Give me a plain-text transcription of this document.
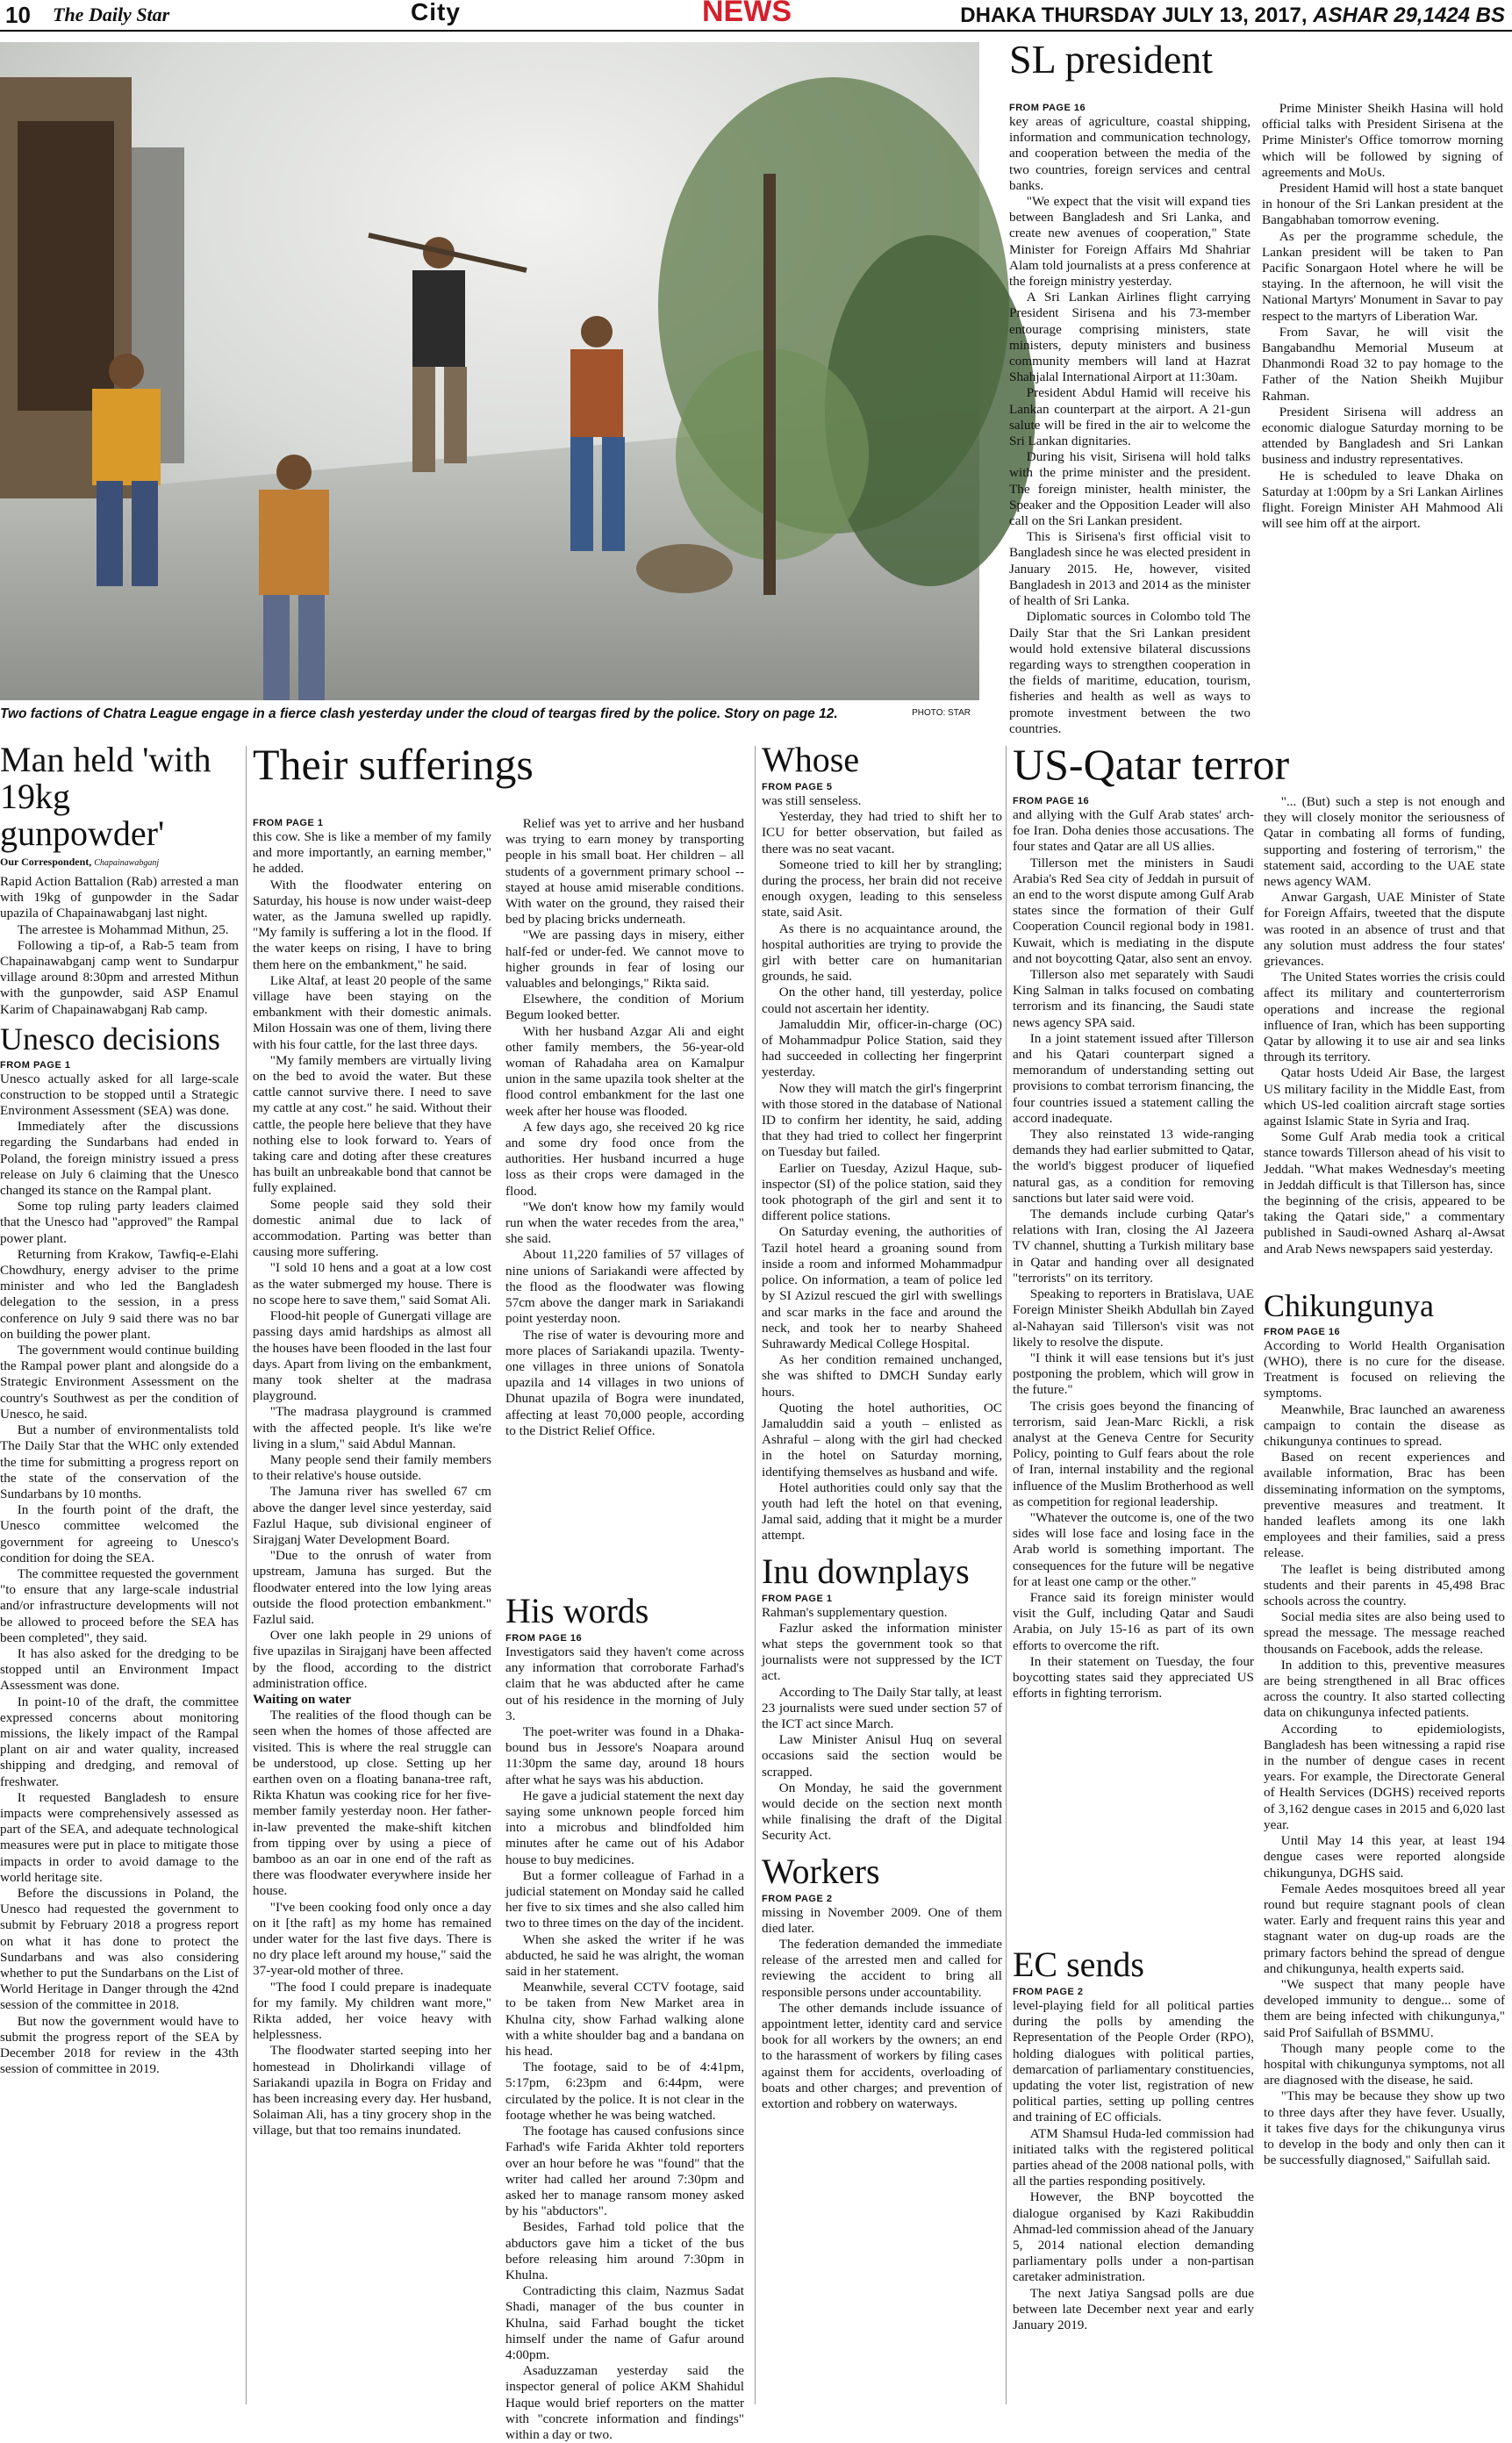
10 The Daily Star	City	NEWS	DHAKA THURSDAY JULY 13, 2017, ASHAR 29,1424 BS
Two factions of Chatra League engage in a fierce clash yesterday under the cloud of teargas fired by the police. Story on page 12.	PHOTO: STAR
SL president
FROM PAGE 16

key areas of agriculture, coastal shipping, information and communication technology, and cooperation between the media of the two countries, foreign services and central banks.

"We expect that the visit will expand ties between Bangladesh and Sri Lanka, and create new avenues of cooperation," State Minister for Foreign Affairs Md Shahriar Alam told journalists at a press conference at the foreign ministry yesterday.

A Sri Lankan Airlines flight carrying President Sirisena and his 73-member entourage comprising ministers, state ministers, deputy ministers and business community members will land at Hazrat Shahjalal International Airport at 11:30am.

President Abdul Hamid will receive his Lankan counterpart at the airport. A 21-gun salute will be fired in the air to welcome the Sri Lankan dignitaries.

During his visit, Sirisena will hold talks with the prime minister and the president. The foreign minister, health minister, the Speaker and the Opposition Leader will also call on the Sri Lankan president.

This is Sirisena's first official visit to Bangladesh since he was elected president in January 2015. He, however, visited Bangladesh in 2013 and 2014 as the minister of health of Sri Lanka.

Diplomatic sources in Colombo told The Daily Star that the Sri Lankan president would hold extensive bilateral discussions regarding ways to strengthen cooperation in the fields of maritime, education, tourism, fisheries and health as well as ways to promote investment between the two countries.

Prime Minister Sheikh Hasina will hold official talks with President Sirisena at the Prime Minister's Office tomorrow morning which will be followed by signing of agreements and MoUs.

President Hamid will host a state banquet in honour of the Sri Lankan president at the Bangabhaban tomorrow evening.

As per the programme schedule, the Lankan president will be taken to Pan Pacific Sonargaon Hotel where he will be staying. In the afternoon, he will visit the National Martyrs' Monument in Savar to pay respect to the martyrs of Liberation War.

From Savar, he will visit the Bangabandhu Memorial Museum at Dhanmondi Road 32 to pay homage to the Father of the Nation Sheikh Mujibur Rahman.

President Sirisena will address an economic dialogue Saturday morning to be attended by Bangladesh and Sri Lankan business and industry representatives.

He is scheduled to leave Dhaka on Saturday at 1:00pm by a Sri Lankan Airlines flight. Foreign Minister AH Mahmood Ali will see him off at the airport.

Man held 'with 19kg gunpowder'
Our Correspondent, Chapainawabganj

Rapid Action Battalion (Rab) arrested a man with 19kg of gunpowder in the Sadar upazila of Chapainawabganj last night.

The arrestee is Mohammad Mithun, 25.

Following a tip-of, a Rab-5 team from Chapainawabganj camp went to Sundarpur village around 8:30pm and arrested Mithun with the gunpowder, said ASP Enamul Karim of Chapainawabganj Rab camp.

Unesco decisions
FROM PAGE 1

Unesco actually asked for all large-scale construction to be stopped until a Strategic Environment Assessment (SEA) was done.

Immediately after the discussions regarding the Sundarbans had ended in Poland, the foreign ministry issued a press release on July 6 claiming that the Unesco changed its stance on the Rampal plant.

Some top ruling party leaders claimed that the Unesco had "approved" the Rampal power plant.

Returning from Krakow, Tawfiq-e-Elahi Chowdhury, energy adviser to the prime minister and who led the Bangladesh delegation to the session, in a press conference on July 9 said there was no bar on building the power plant.

The government would continue building the Rampal power plant and alongside do a Strategic Environment Assessment on the country's Southwest as per the condition of Unesco, he said.

But a number of environmentalists told The Daily Star that the WHC only extended the time for submitting a progress report on the state of the conservation of the Sundarbans by 10 months.

In the fourth point of the draft, the Unesco committee welcomed the government for agreeing to Unesco's condition for doing the SEA.

The committee requested the government "to ensure that any large-scale industrial and/or infrastructure developments will not be allowed to proceed before the SEA has been completed", they said.

It has also asked for the dredging to be stopped until an Environment Impact Assessment was done.

In point-10 of the draft, the committee expressed concerns about monitoring missions, the likely impact of the Rampal plant on air and water quality, increased shipping and dredging, and removal of freshwater.

It requested Bangladesh to ensure impacts were comprehensively assessed as part of the SEA, and adequate technological measures were put in place to mitigate those impacts in order to avoid damage to the world heritage site.

Before the discussions in Poland, the Unesco had requested the government to submit by February 2018 a progress report on what it has done to protect the Sundarbans and was also considering whether to put the Sundarbans on the List of World Heritage in Danger through the 42nd session of the committee in 2018.

But now the government would have to submit the progress report of the SEA by December 2018 for review in the 43th session of committee in 2019.

Their sufferings
FROM PAGE 1

this cow. She is like a member of my family and more importantly, an earning member," he added.

With the floodwater entering on Saturday, his house is now under waist-deep water, as the Jamuna swelled up rapidly. "My family is suffering a lot in the flood. If the water keeps on rising, I have to bring them here on the embankment," he said.

Like Altaf, at least 20 people of the same village have been staying on the embankment with their domestic animals. Milon Hossain was one of them, living there with his four cattle, for the last three days.

"My family members are virtually living on the bed to avoid the water. But these cattle cannot survive there. I need to save my cattle at any cost." he said. Without their cattle, the people here believe that they have nothing else to look forward to. Years of taking care and doting after these creatures has built an unbreakable bond that cannot be fully explained.

Some people said they sold their domestic animal due to lack of accommodation. Parting was better than causing more suffering.

"I sold 10 hens and a goat at a low cost as the water submerged my house. There is no scope here to save them," said Somat Ali.

Flood-hit people of Gunergati village are passing days amid hardships as almost all the houses have been flooded in the last four days. Apart from living on the embankment, many took shelter at the madrasa playground.

"The madrasa playground is crammed with the affected people. It's like we're living in a slum," said Abdul Mannan.

Many people send their family members to their relative's house outside.

The Jamuna river has swelled 67 cm above the danger level since yesterday, said Fazlul Haque, sub divisional engineer of Sirajganj Water Development Board.

"Due to the onrush of water from upstream, Jamuna has surged. But the floodwater entered into the low lying areas outside the flood protection embankment." Fazlul said.

Over one lakh people in 29 unions of five upazilas in Sirajganj have been affected by the flood, according to the district administration office.

Waiting on water

The realities of the flood though can be seen when the homes of those affected are visited. This is where the real struggle can be understood, up close. Setting up her earthen oven on a floating banana-tree raft, Rikta Khatun was cooking rice for her five-member family yesterday noon. Her father-in-law prevented the make-shift kitchen from tipping over by using a piece of bamboo as an oar in one end of the raft as there was floodwater everywhere inside her house.

"I've been cooking food only once a day on it [the raft] as my home has remained under water for the last five days. There is no dry place left around my house," said the 37-year-old mother of three.

"The food I could prepare is inadequate for my family. My children want more," Rikta added, her voice heavy with helplessness.

The floodwater started seeping into her homestead in Dholirkandi village of Sariakandi upazila in Bogra on Friday and has been increasing every day. Her husband, Solaiman Ali, has a tiny grocery shop in the village, but that too remains inundated.

Relief was yet to arrive and her husband was trying to earn money by transporting people in his small boat. Her children – all students of a government primary school -- stayed at house amid miserable conditions. With water on the ground, they raised their bed by placing bricks underneath.

"We are passing days in misery, either half-fed or under-fed. We cannot move to higher grounds in fear of losing our valuables and belongings," Rikta said.

Elsewhere, the condition of Morium Begum looked better.

With her husband Azgar Ali and eight other family members, the 56-year-old woman of Rahadaha area on Kamalpur union in the same upazila took shelter at the flood control embankment for the last one week after her house was flooded.

A few days ago, she received 20 kg rice and some dry food once from the authorities. Her husband incurred a huge loss as their crops were damaged in the flood.

"We don't know how my family would run when the water recedes from the area," she said.

About 11,220 families of 57 villages of nine unions of Sariakandi were affected by the flood as the floodwater was flowing 57cm above the danger mark in Sariakandi point yesterday noon.

The rise of water is devouring more and more places of Sariakandi upazila. Twenty-one villages in three unions of Sonatola upazila and 14 villages in two unions of Dhunat upazila of Bogra were inundated, affecting at least 70,000 people, according to the District Relief Office.

His words
FROM PAGE 16

Investigators said they haven't come across any information that corroborate Farhad's claim that he was abducted after he came out of his residence in the morning of July 3.

The poet-writer was found in a Dhaka-bound bus in Jessore's Noapara around 11:30pm the same day, around 18 hours after what he says was his abduction.

He gave a judicial statement the next day saying some unknown people forced him into a microbus and blindfolded him minutes after he came out of his Adabor house to buy medicines.

But a former colleague of Farhad in a judicial statement on Monday said he called her five to six times and she also called him two to three times on the day of the incident.

When she asked the writer if he was abducted, he said he was alright, the woman said in her statement.

Meanwhile, several CCTV footage, said to be taken from New Market area in Khulna city, show Farhad walking alone with a white shoulder bag and a bandana on his head.

The footage, said to be of 4:41pm, 5:17pm, 6:23pm and 6:44pm, were circulated by the police. It is not clear in the footage whether he was being watched.

The footage has caused confusions since Farhad's wife Farida Akhter told reporters over an hour before he was "found" that the writer had called her around 7:30pm and asked her to manage ransom money asked by his "abductors".

Besides, Farhad told police that the abductors gave him a ticket of the bus before releasing him around 7:30pm in Khulna.

Contradicting this claim, Nazmus Sadat Shadi, manager of the bus counter in Khulna, said Farhad bought the ticket himself under the name of Gafur around 4:00pm.

Asaduzzaman yesterday said the inspector general of police AKM Shahidul Haque would brief reporters on the matter with "concrete information and findings" within a day or two.

Whose
FROM PAGE 5

was still senseless.

Yesterday, they had tried to shift her to ICU for better observation, but failed as there was no seat vacant.

Someone tried to kill her by strangling; during the process, her brain did not receive enough oxygen, leading to this senseless state, said Asit.

As there is no acquaintance around, the hospital authorities are trying to provide the girl with better care on humanitarian grounds, he said.

On the other hand, till yesterday, police could not ascertain her identity.

Jamaluddin Mir, officer-in-charge (OC) of Mohammadpur Police Station, said they had succeeded in collecting her fingerprint yesterday.

Now they will match the girl's fingerprint with those stored in the database of National ID to confirm her identity, he said, adding that they had tried to collect her fingerprint on Tuesday but failed.

Earlier on Tuesday, Azizul Haque, sub-inspector (SI) of the police station, said they took photograph of the girl and sent it to different police stations.

On Saturday evening, the authorities of Tazil hotel heard a groaning sound from inside a room and informed Mohammadpur police. On information, a team of police led by SI Azizul rescued the girl with swellings and scar marks in the face and around the neck, and took her to nearby Shaheed Suhrawardy Medical College Hospital.

As her condition remained unchanged, she was shifted to DMCH Sunday early hours.

Quoting the hotel authorities, OC Jamaluddin said a youth – enlisted as Ashraful – along with the girl had checked in the hotel on Saturday morning, identifying themselves as husband and wife.

Hotel authorities could only say that the youth had left the hotel on that evening, Jamal said, adding that it might be a murder attempt.

Inu downplays
FROM PAGE 1

Rahman's supplementary question.

Fazlur asked the information minister what steps the government took so that journalists were not suppressed by the ICT act.

According to The Daily Star tally, at least 23 journalists were sued under section 57 of the ICT act since March.

Law Minister Anisul Huq on several occasions said the section would be scrapped.

On Monday, he said the government would decide on the section next month while finalising the draft of the Digital Security Act.

Workers
FROM PAGE 2

missing in November 2009. One of them died later.

The federation demanded the immediate release of the arrested men and called for reviewing the accident to bring all responsible persons under accountability.

The other demands include issuance of appointment letter, identity card and service book for all workers by the owners; an end to the harassment of workers by filing cases against them for accidents, overloading of boats and other charges; and prevention of extortion and robbery on waterways.

US-Qatar terror
FROM PAGE 16

and allying with the Gulf Arab states' arch-foe Iran. Doha denies those accusations. The four states and Qatar are all US allies.

Tillerson met the ministers in Saudi Arabia's Red Sea city of Jeddah in pursuit of an end to the worst dispute among Gulf Arab states since the formation of their Gulf Cooperation Council regional body in 1981. Kuwait, which is mediating in the dispute and not boycotting Qatar, also sent an envoy.

Tillerson also met separately with Saudi King Salman in talks focused on combating terrorism and its financing, the Saudi state news agency SPA said.

In a joint statement issued after Tillerson and his Qatari counterpart signed a memorandum of understanding setting out provisions to combat terrorism financing, the four countries issued a statement calling the accord inadequate.

They also reinstated 13 wide-ranging demands they had earlier submitted to Qatar, the world's biggest producer of liquefied natural gas, as a condition for removing sanctions but later said were void.

The demands include curbing Qatar's relations with Iran, closing the Al Jazeera TV channel, shutting a Turkish military base in Qatar and handing over all designated "terrorists" on its territory.

Speaking to reporters in Bratislava, UAE Foreign Minister Sheikh Abdullah bin Zayed al-Nahayan said Tillerson's visit was not likely to resolve the dispute.

"I think it will ease tensions but it's just postponing the problem, which will grow in the future."

The crisis goes beyond the financing of terrorism, said Jean-Marc Rickli, a risk analyst at the Geneva Centre for Security Policy, pointing to Gulf fears about the role of Iran, internal instability and the regional influence of the Muslim Brotherhood as well as competition for regional leadership.

"Whatever the outcome is, one of the two sides will lose face and losing face in the Arab world is something important. The consequences for the future will be negative for at least one camp or the other."

France said its foreign minister would visit the Gulf, including Qatar and Saudi Arabia, on July 15-16 as part of its own efforts to overcome the rift.

In their statement on Tuesday, the four boycotting states said they appreciated US efforts in fighting terrorism.

"... (But) such a step is not enough and they will closely monitor the seriousness of Qatar in combating all forms of funding, supporting and fostering of terrorism," the statement said, according to the UAE state news agency WAM.

Anwar Gargash, UAE Minister of State for Foreign Affairs, tweeted that the dispute was rooted in an absence of trust and that any solution must address the four states' grievances.

The United States worries the crisis could affect its military and counterterrorism operations and increase the regional influence of Iran, which has been supporting Qatar by allowing it to use air and sea links through its territory.

Qatar hosts Udeid Air Base, the largest US military facility in the Middle East, from which US-led coalition aircraft stage sorties against Islamic State in Syria and Iraq.

Some Gulf Arab media took a critical stance towards Tillerson ahead of his visit to Jeddah. "What makes Wednesday's meeting in Jeddah difficult is that Tillerson has, since the beginning of the crisis, appeared to be taking the Qatari side," a commentary published in Saudi-owned Asharq al-Awsat and Arab News newspapers said yesterday.

EC sends
FROM PAGE 2

level-playing field for all political parties during the polls by amending the Representation of the People Order (RPO), holding dialogues with political parties, demarcation of parliamentary constituencies, updating the voter list, registration of new political parties, setting up polling centres and training of EC officials.

ATM Shamsul Huda-led commission had initiated talks with the registered political parties ahead of the 2008 national polls, with all the parties responding positively.

However, the BNP boycotted the dialogue organised by Kazi Rakibuddin Ahmad-led commission ahead of the January 5, 2014 national election demanding parliamentary polls under a non-partisan caretaker administration.

The next Jatiya Sangsad polls are due between late December next year and early January 2019.

Chikungunya
FROM PAGE 16

According to World Health Organisation (WHO), there is no cure for the disease. Treatment is focused on relieving the symptoms.

Meanwhile, Brac launched an awareness campaign to contain the disease as chikungunya continues to spread.

Based on recent experiences and available information, Brac has been disseminating information on the symptoms, preventive measures and treatment. It handed leaflets among its one lakh employees and their families, said a press release.

The leaflet is being distributed among students and their parents in 45,498 Brac schools across the country.

Social media sites are also being used to spread the message. The message reached thousands on Facebook, adds the release.

In addition to this, preventive measures are being strengthened in all Brac offices across the country. It also started collecting data on chikungunya infected patients.

According to epidemiologists, Bangladesh has been witnessing a rapid rise in the number of dengue cases in recent years. For example, the Directorate General of Health Services (DGHS) received reports of 3,162 dengue cases in 2015 and 6,020 last year.

Until May 14 this year, at least 194 dengue cases were reported alongside chikungunya, DGHS said.

Female Aedes mosquitoes breed all year round but require stagnant pools of clean water. Early and frequent rains this year and stagnant water on dug-up roads are the primary factors behind the spread of dengue and chikungunya, health experts said.

"We suspect that many people have developed immunity to dengue... some of them are being infected with chikungunya," said Prof Saifullah of BSMMU.

Though many people come to the hospital with chikungunya symptoms, not all are diagnosed with the disease, he said.

"This may be because they show up two to three days after they have fever. Usually, it takes five days for the chikungunya virus to develop in the body and only then can it be successfully diagnosed," Saifullah said.
